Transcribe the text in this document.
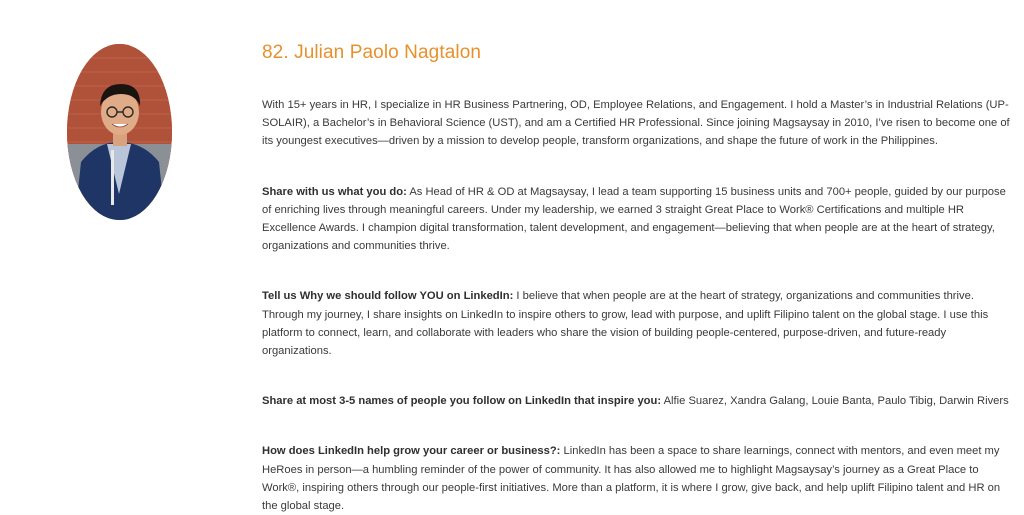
82. Julian Paolo Nagtalon

With 15+ years in HR, I specialize in HR Business Partnering, OD, Employee Relations, and Engagement. I hold a Master’s in Industrial Relations (UP-SOLAIR), a Bachelor’s in Behavioral Science (UST), and am a Certified HR Professional. Since joining Magsaysay in 2010, I’ve risen to become one of its youngest executives—driven by a mission to develop people, transform organizations, and shape the future of work in the Philippines.

Share with us what you do: As Head of HR & OD at Magsaysay, I lead a team supporting 15 business units and 700+ people, guided by our purpose of enriching lives through meaningful careers. Under my leadership, we earned 3 straight Great Place to Work® Certifications and multiple HR Excellence Awards. I champion digital transformation, talent development, and engagement—believing that when people are at the heart of strategy, organizations and communities thrive.

Tell us Why we should follow YOU on LinkedIn: I believe that when people are at the heart of strategy, organizations and communities thrive. Through my journey, I share insights on LinkedIn to inspire others to grow, lead with purpose, and uplift Filipino talent on the global stage. I use this platform to connect, learn, and collaborate with leaders who share the vision of building people-centered, purpose-driven, and future-ready organizations.

Share at most 3-5 names of people you follow on LinkedIn that inspire you: Alfie Suarez, Xandra Galang, Louie Banta, Paulo Tibig, Darwin Rivers

How does LinkedIn help grow your career or business?: LinkedIn has been a space to share learnings, connect with mentors, and even meet my HeRoes in person—a humbling reminder of the power of community. It has also allowed me to highlight Magsaysay’s journey as a Great Place to Work®, inspiring others through our people-first initiatives. More than a platform, it is where I grow, give back, and help uplift Filipino talent and HR on the global stage.
